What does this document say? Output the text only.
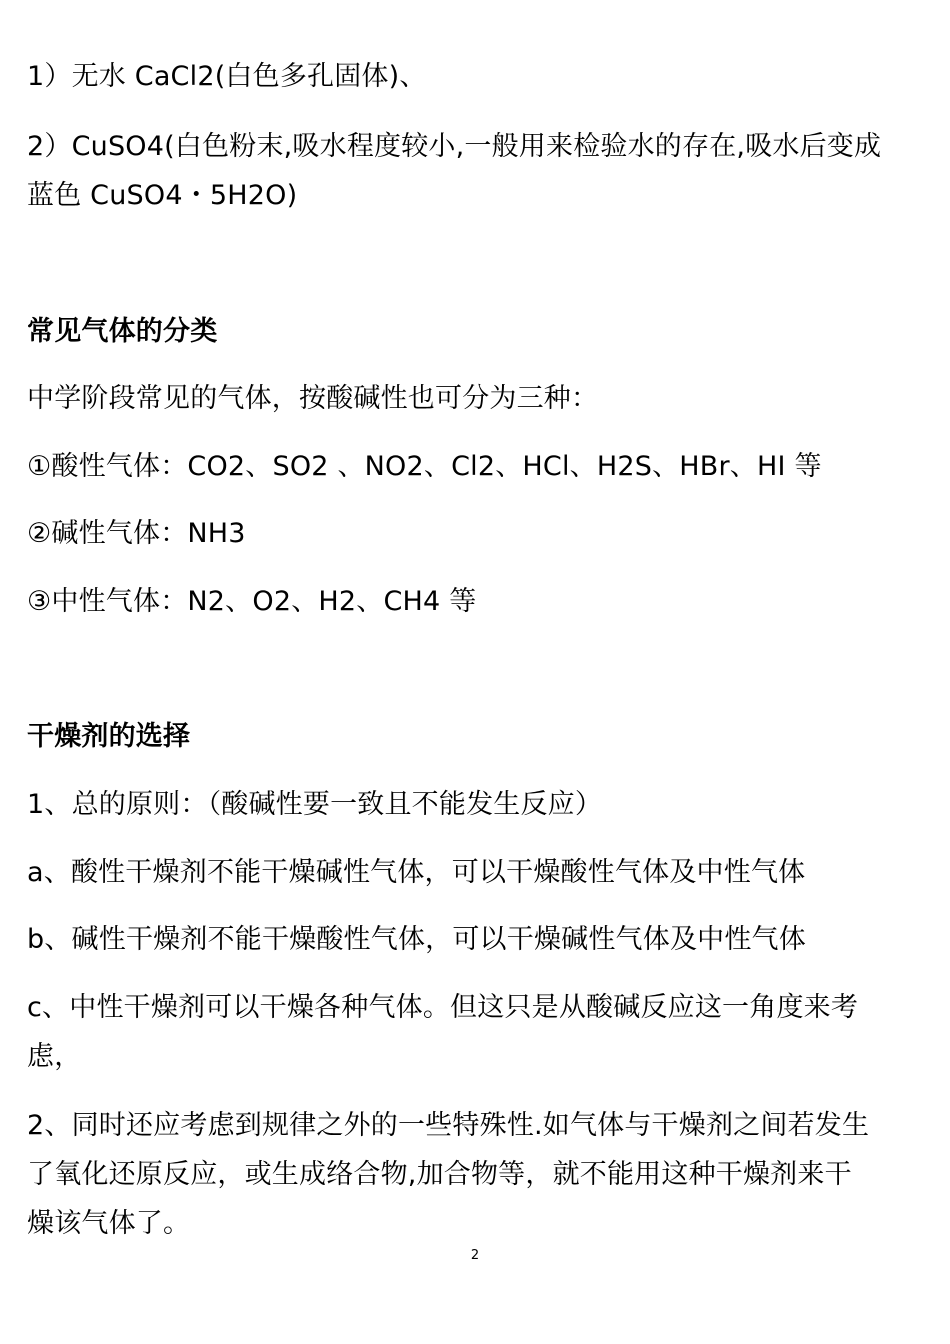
1）无水 CaCl2(白色多孔固体)、
2）CuSO4(白色粉末,吸水程度较小,一般用来检验水的存在,吸水后变成
蓝色 CuSO4・5H2O)
常见气体的分类
中学阶段常见的气体，按酸碱性也可分为三种：
①酸性气体：CO2、SO2 、NO2、Cl2、HCl、H2S、HBr、HI 等
②碱性气体：NH3
③中性气体：N2、O2、H2、CH4 等
干燥剂的选择
1、总的原则：（酸碱性要一致且不能发生反应）
a、酸性干燥剂不能干燥碱性气体，可以干燥酸性气体及中性气体
b、碱性干燥剂不能干燥酸性气体，可以干燥碱性气体及中性气体
c、中性干燥剂可以干燥各种气体。但这只是从酸碱反应这一角度来考
虑，
2、同时还应考虑到规律之外的一些特殊性.如气体与干燥剂之间若发生
了氧化还原反应，或生成络合物,加合物等，就不能用这种干燥剂来干
燥该气体了。
2
